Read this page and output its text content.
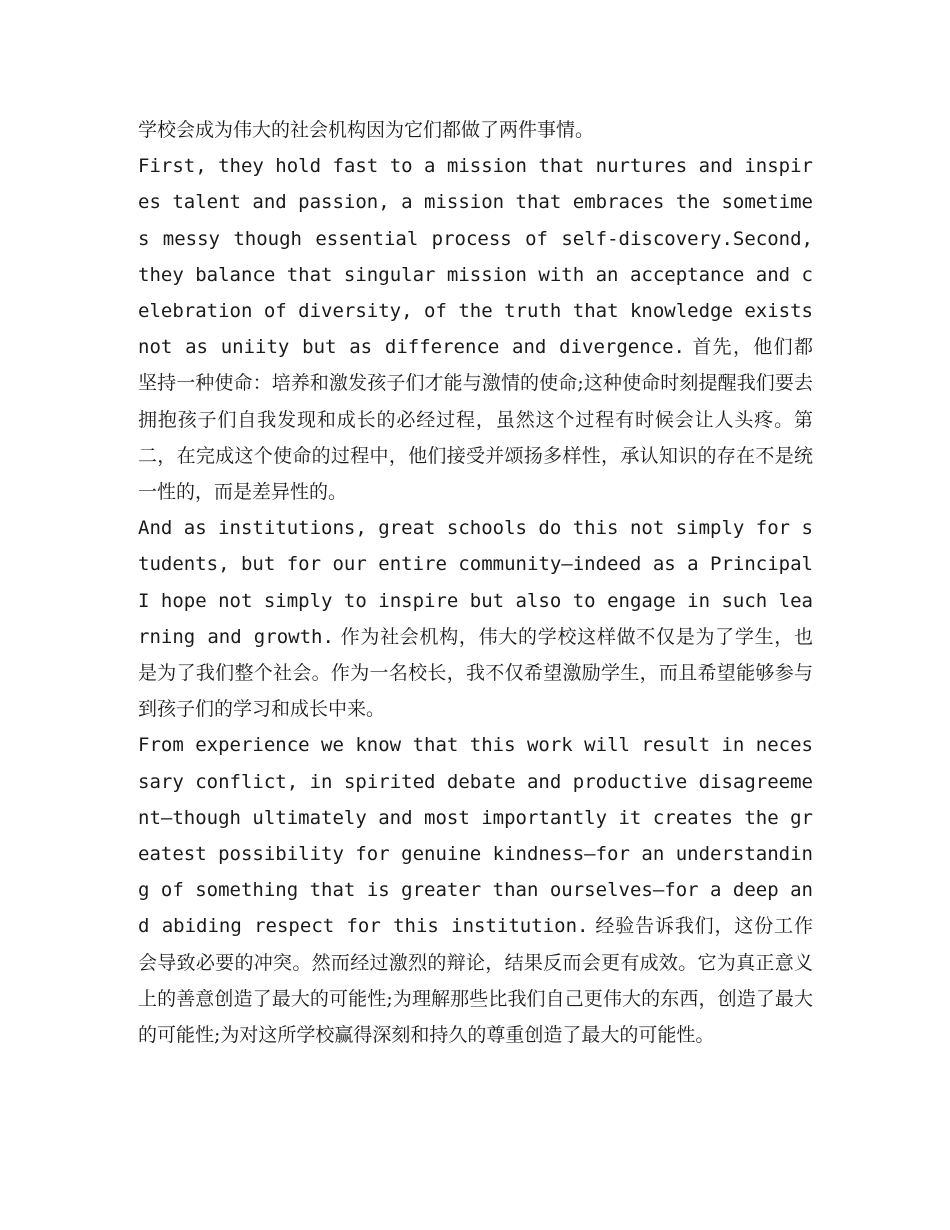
学校会成为伟大的社会机构因为它们都做了两件事情。

First, they hold fast to a mission that nurtures and inspires talent and passion, a mission that embraces the sometimes messy though essential process of self-discovery.Second, they balance that singular mission with an acceptance and celebration of diversity, of the truth that knowledge exists not as uniity but as difference and divergence. 首先，他们都坚持一种使命：培养和激发孩子们才能与激情的使命;这种使命时刻提醒我们要去拥抱孩子们自我发现和成长的必经过程，虽然这个过程有时候会让人头疼。第二，在完成这个使命的过程中，他们接受并颂扬多样性，承认知识的存在不是统一性的，而是差异性的。

And as institutions, great schools do this not simply for students, but for our entire community—indeed as a Principal I hope not simply to inspire but also to engage in such learning and growth. 作为社会机构，伟大的学校这样做不仅是为了学生，也是为了我们整个社会。作为一名校长，我不仅希望激励学生，而且希望能够参与到孩子们的学习和成长中来。

From experience we know that this work will result in necessary conflict, in spirited debate and productive disagreement—though ultimately and most importantly it creates the greatest possibility for genuine kindness—for an understanding of something that is greater than ourselves—for a deep and abiding respect for this institution. 经验告诉我们，这份工作会导致必要的冲突。然而经过激烈的辩论，结果反而会更有成效。它为真正意义上的善意创造了最大的可能性;为理解那些比我们自己更伟大的东西，创造了最大的可能性;为对这所学校赢得深刻和持久的尊重创造了最大的可能性。
